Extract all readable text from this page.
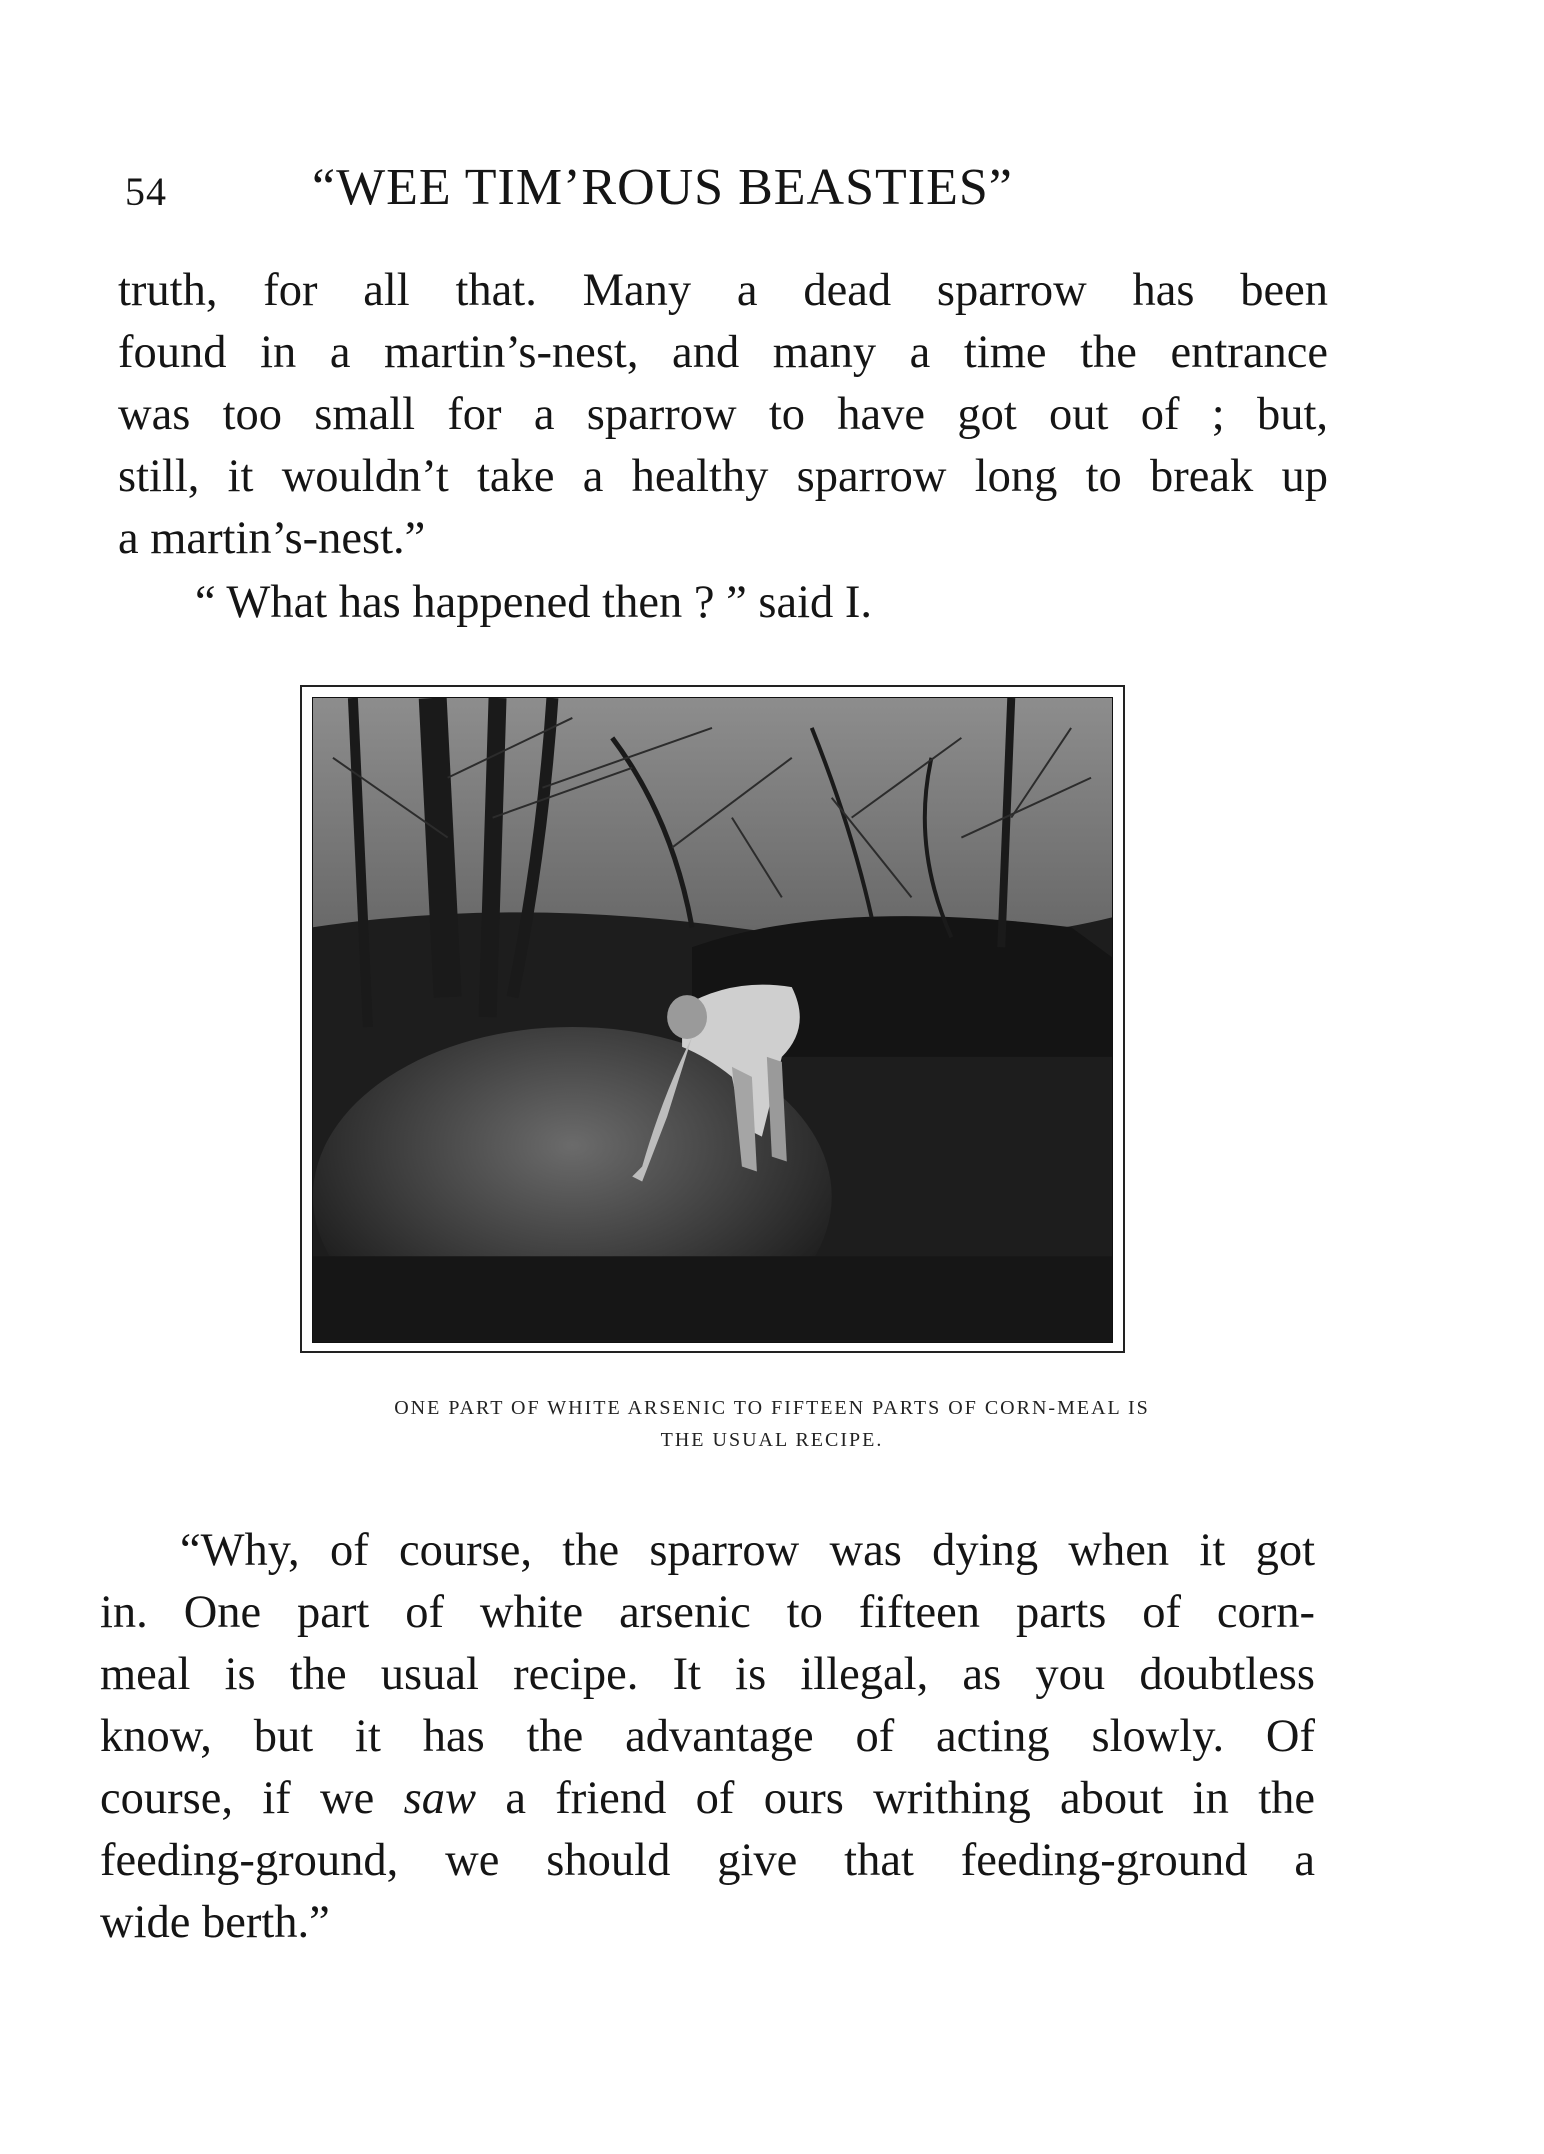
54	“WEE TIM’ROUS BEASTIES”

truth, for all that. Many a dead sparrow has been
found in a martin’s-nest, and many a time the entrance
was too small for a sparrow to have got out of ; but,
still, it wouldn’t take a healthy sparrow long to break up
a martin’s-nest.”

“ What has happened then ? ” said I.

ONE PART OF WHITE ARSENIC TO FIFTEEN PARTS OF CORN-MEAL IS
THE USUAL RECIPE.

“Why, of course, the sparrow was dying when it got
in. One part of white arsenic to fifteen parts of corn-
meal is the usual recipe. It is illegal, as you doubtless
know, but it has the advantage of acting slowly. Of
course, if we saw a friend of ours writhing about in the
feeding-ground, we should give that feeding-ground a
wide berth.”
